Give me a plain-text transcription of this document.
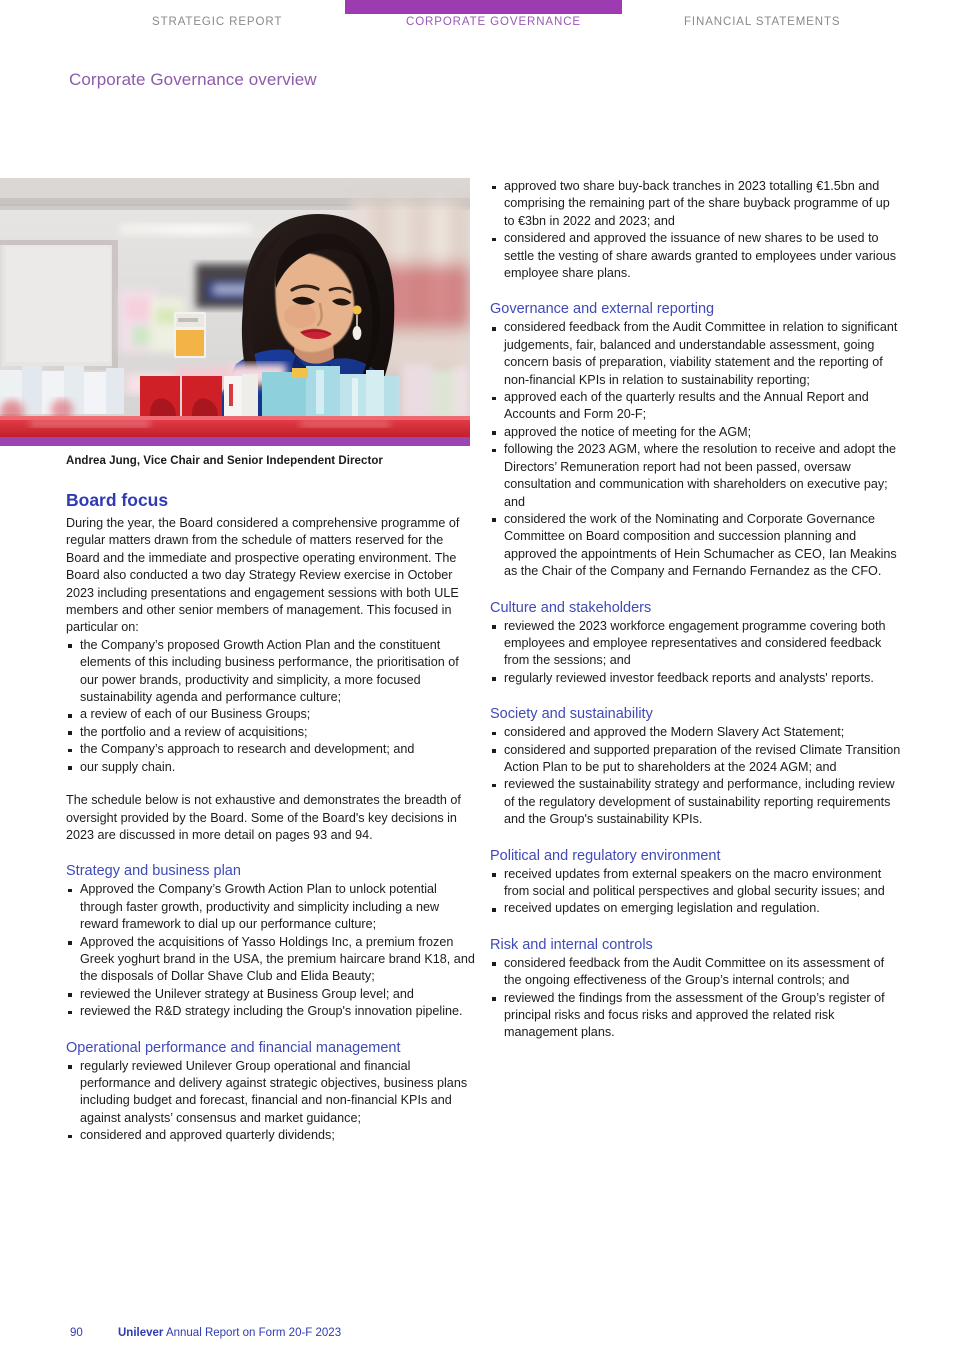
STRATEGIC REPORT	CORPORATE GOVERNANCE	FINANCIAL STATEMENTS
Corporate Governance overview
Andrea Jung, Vice Chair and Senior Independent Director
Board focus

During the year, the Board considered a comprehensive programme of regular matters drawn from the schedule of matters reserved for the Board and the immediate and prospective operating environment. The Board also conducted a two day Strategy Review exercise in October 2023 including presentations and engagement sessions with both ULE members and other senior members of management. This focused in particular on:

the Company’s proposed Growth Action Plan and the constituent elements of this including business performance, the prioritisation of our power brands, productivity and simplicity, a more focused sustainability agenda and performance culture;
a review of each of our Business Groups;
the portfolio and a review of acquisitions;
the Company’s approach to research and development; and
our supply chain.

The schedule below is not exhaustive and demonstrates the breadth of oversight provided by the Board. Some of the Board's key decisions in 2023 are discussed in more detail on pages 93 and 94.

Strategy and business plan
Approved the Company’s Growth Action Plan to unlock potential through faster growth, productivity and simplicity including a new reward framework to dial up our performance culture;
Approved the acquisitions of Yasso Holdings Inc, a premium frozen Greek yoghurt brand in the USA, the premium haircare brand K18, and the disposals of Dollar Shave Club and Elida Beauty;
reviewed the Unilever strategy at Business Group level; and
reviewed the R&D strategy including the Group's innovation pipeline.
Operational performance and financial management
regularly reviewed Unilever Group operational and financial performance and delivery against strategic objectives, business plans including budget and forecast, financial and non-financial KPIs and against analysts’ consensus and market guidance;
considered and approved quarterly dividends;
approved two share buy-back tranches in 2023 totalling €1.5bn and comprising the remaining part of the share buyback programme of up to €3bn in 2022 and 2023; and
considered and approved the issuance of new shares to be used to settle the vesting of share awards granted to employees under various employee share plans.
Governance and external reporting
considered feedback from the Audit Committee in relation to significant judgements, fair, balanced and understandable assessment, going concern basis of preparation, viability statement and the reporting of non-financial KPIs in relation to sustainability reporting;
approved each of the quarterly results and the Annual Report and Accounts and Form 20-F;
approved the notice of meeting for the AGM;
following the 2023 AGM, where the resolution to receive and adopt the Directors’ Remuneration report had not been passed, oversaw consultation and communication with shareholders on executive pay; and
considered the work of the Nominating and Corporate Governance Committee on Board composition and succession planning and approved the appointments of Hein Schumacher as CEO, Ian Meakins as the Chair of the Company and Fernando Fernandez as the CFO.
Culture and stakeholders
reviewed the 2023 workforce engagement programme covering both employees and employee representatives and considered feedback from the sessions; and
regularly reviewed investor feedback reports and analysts' reports.
Society and sustainability
considered and approved the Modern Slavery Act Statement;
considered and supported preparation of the revised Climate Transition Action Plan to be put to shareholders at the 2024 AGM; and
reviewed the sustainability strategy and performance, including review of the regulatory development of sustainability reporting requirements and the Group's sustainability KPIs.
Political and regulatory environment
received updates from external speakers on the macro environment from social and political perspectives and global security issues; and
received updates on emerging legislation and regulation.
Risk and internal controls
considered feedback from the Audit Committee on its assessment of the ongoing effectiveness of the Group’s internal controls; and
reviewed the findings from the assessment of the Group’s register of principal risks and focus risks and approved the related risk management plans.
90	Unilever Annual Report on Form 20-F 2023
